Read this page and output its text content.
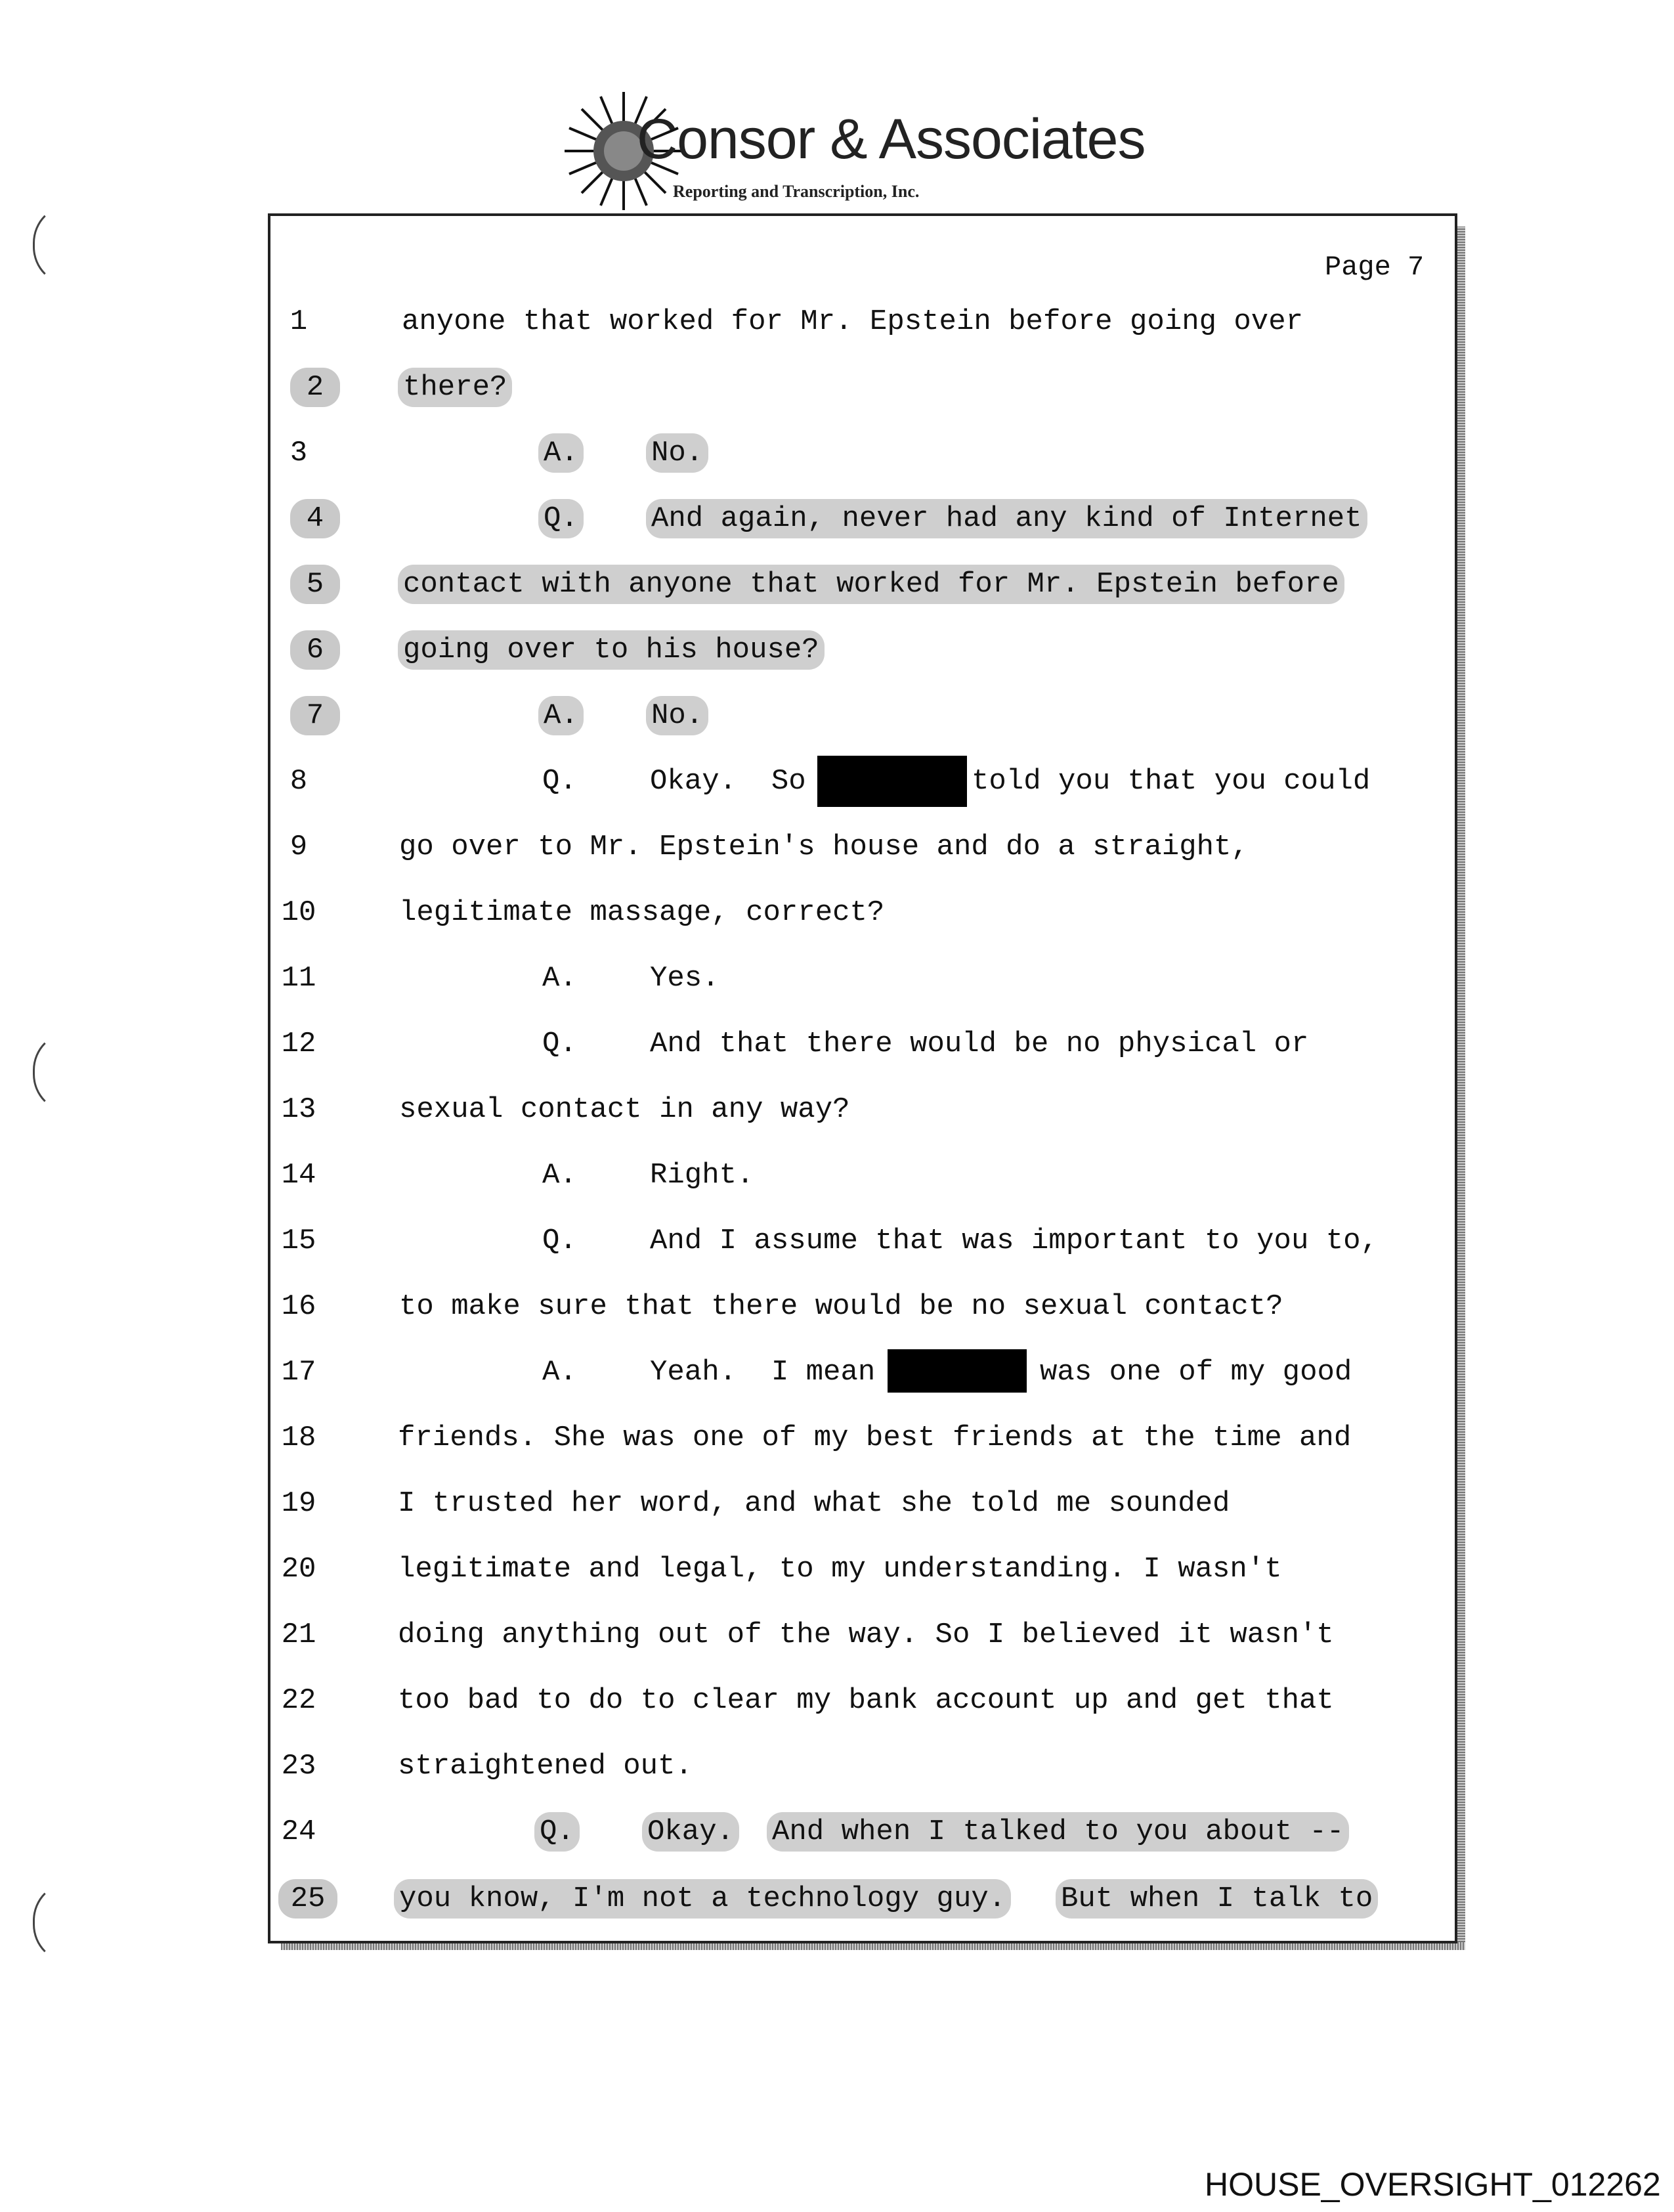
Consor & Associates
Reporting and Transcription, Inc.
Page 7
1	anyone that worked for Mr. Epstein before going over
2	there?
3	A.	No.
4	Q.	And again, never had any kind of Internet
5	contact with anyone that worked for Mr. Epstein before
6	going over to his house?
7	A.	No.
8	Q.	Okay.  So	told you that you could
9	go over to Mr. Epstein's house and do a straight,
10	legitimate massage, correct?
11	A.	Yes.
12	Q.	And that there would be no physical or
13	sexual contact in any way?
14	A.	Right.
15	Q.	And I assume that was important to you to,
16	to make sure that there would be no sexual contact?
17	A.	Yeah.  I mean	was one of my good
18	friends. She was one of my best friends at the time and
19	I trusted her word, and what she told me sounded
20	legitimate and legal, to my understanding. I wasn't
21	doing anything out of the way. So I believed it wasn't
22	too bad to do to clear my bank account up and get that
23	straightened out.
24	Q.	Okay. And when I talked to you about --
25	you know, I'm not a technology guy. But when I talk to
HOUSE_OVERSIGHT_012262
